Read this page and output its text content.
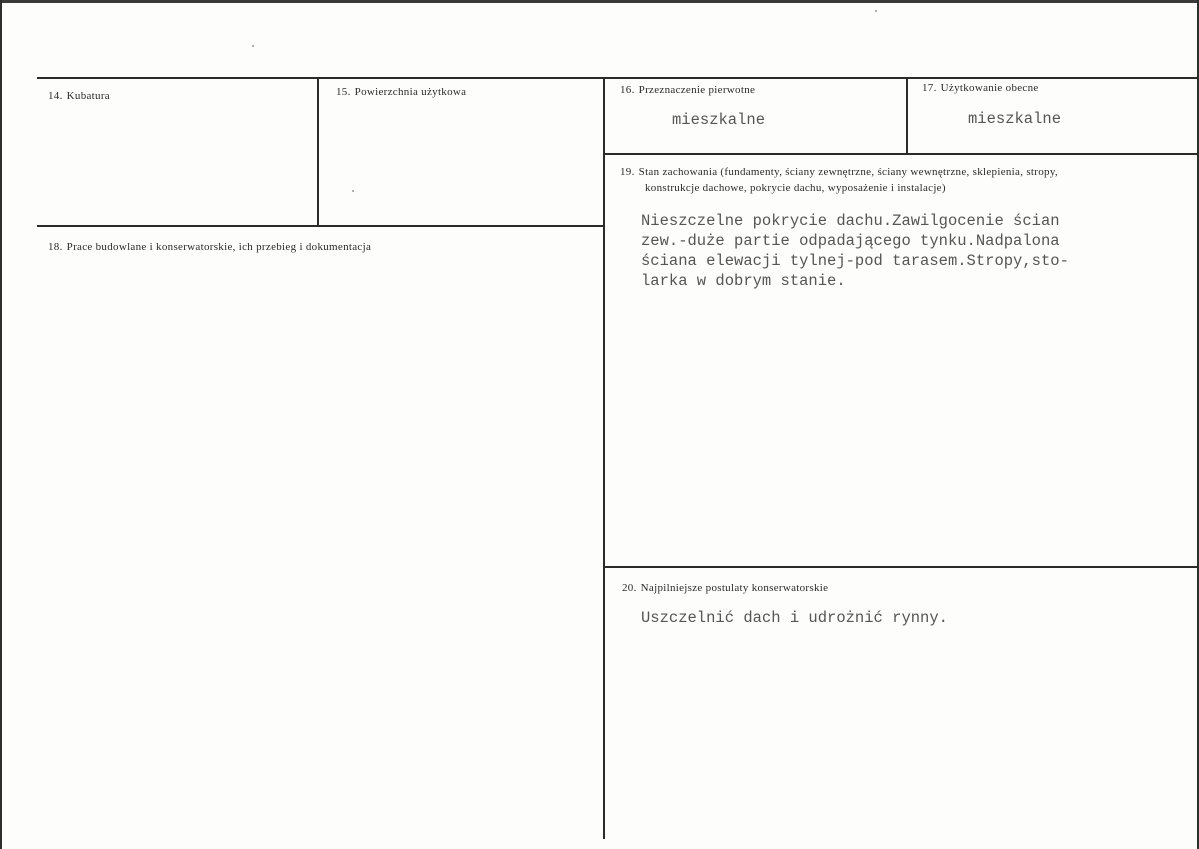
14. Kubatura	15. Powierzchnia użytkowa	16. Przeznaczenie pierwotne
mieszkalne
17. Użytkowanie obecne
mieszkalne
18. Prace budowlane i konserwatorskie, ich przebieg i dokumentacja
19. Stan zachowania (fundamenty, ściany zewnętrzne, ściany wewnętrzne, sklepienia, stropy,
konstrukcje dachowe, pokrycie dachu, wyposażenie i instalacje)
Nieszczelne pokrycie dachu.Zawilgocenie ścian
zew.-duże partie odpadającego tynku.Nadpalona
ściana elewacji tylnej-pod tarasem.Stropy,sto-
larka w dobrym stanie.
20. Najpilniejsze postulaty konserwatorskie
Uszczelnić dach i udrożnić rynny.
